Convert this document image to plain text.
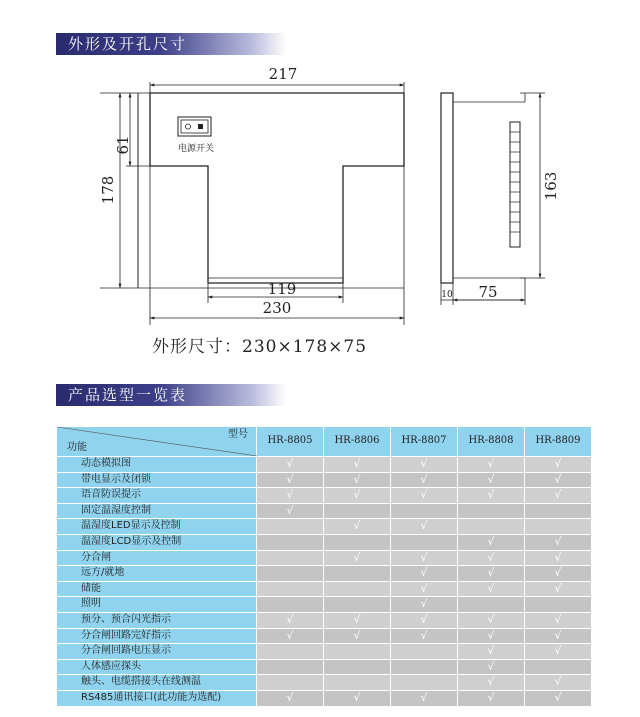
外形及开孔尺寸
217
178
61	电源开关
119
230
163
10 75
外形尺寸：230×178×75
产品选型一览表
型号
功能	HR-8805	HR-8806	HR-8807	HR-8808	HR-8809
动态模拟图	√	√	√	√	√
带电显示及闭锁	√	√	√	√	√
语音防误提示	√	√	√	√	√
固定温湿度控制	√				
温湿度LED显示及控制		√	√		
温湿度LCD显示及控制				√	√
分合闸		√	√	√	√
远方/就地			√	√	√
储能			√	√	√
照明			√		
预分、预合闪光指示	√	√	√	√	√
分合闸回路完好指示	√	√	√	√	√
分合闸回路电压显示				√	√
人体感应探头				√	
触头、电缆搭接头在线测温				√	√
RS485通讯接口(此功能为选配)	√	√	√	√	√
